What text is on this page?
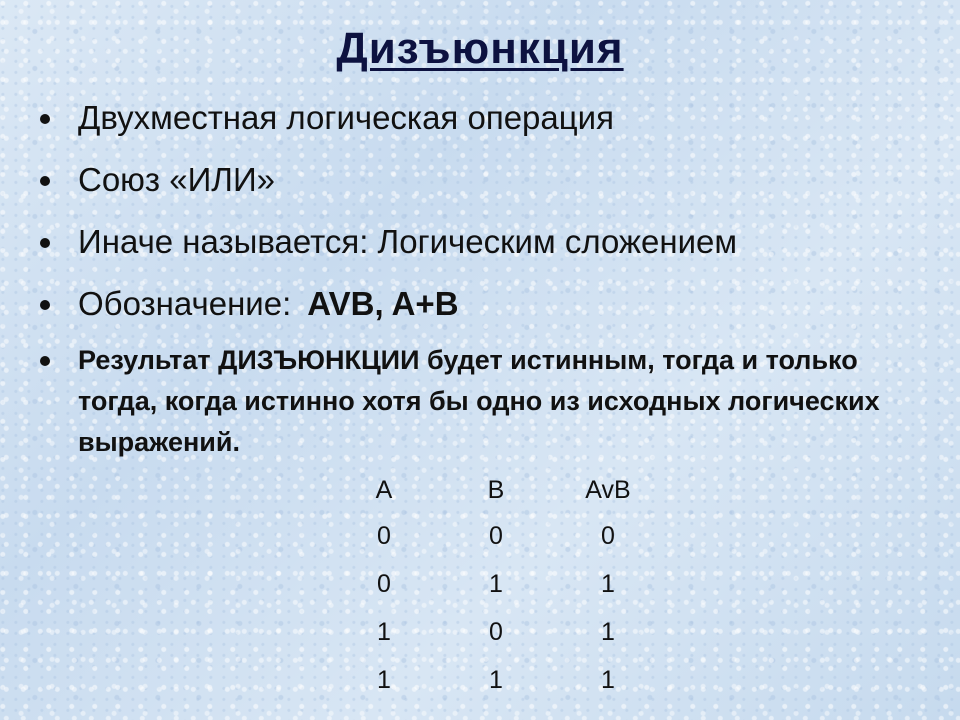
Дизъюнкция
Двухместная логическая операция
Союз «ИЛИ»
Иначе называется: Логическим сложением
Обозначение: AVB, A+B
Результат ДИЗЪЮНКЦИИ будет истинным, тогда и только тогда, когда истинно хотя бы одно из исходных логических выражений.
A	B	AvB
0	0	0
0	1	1
1	0	1
1	1	1
